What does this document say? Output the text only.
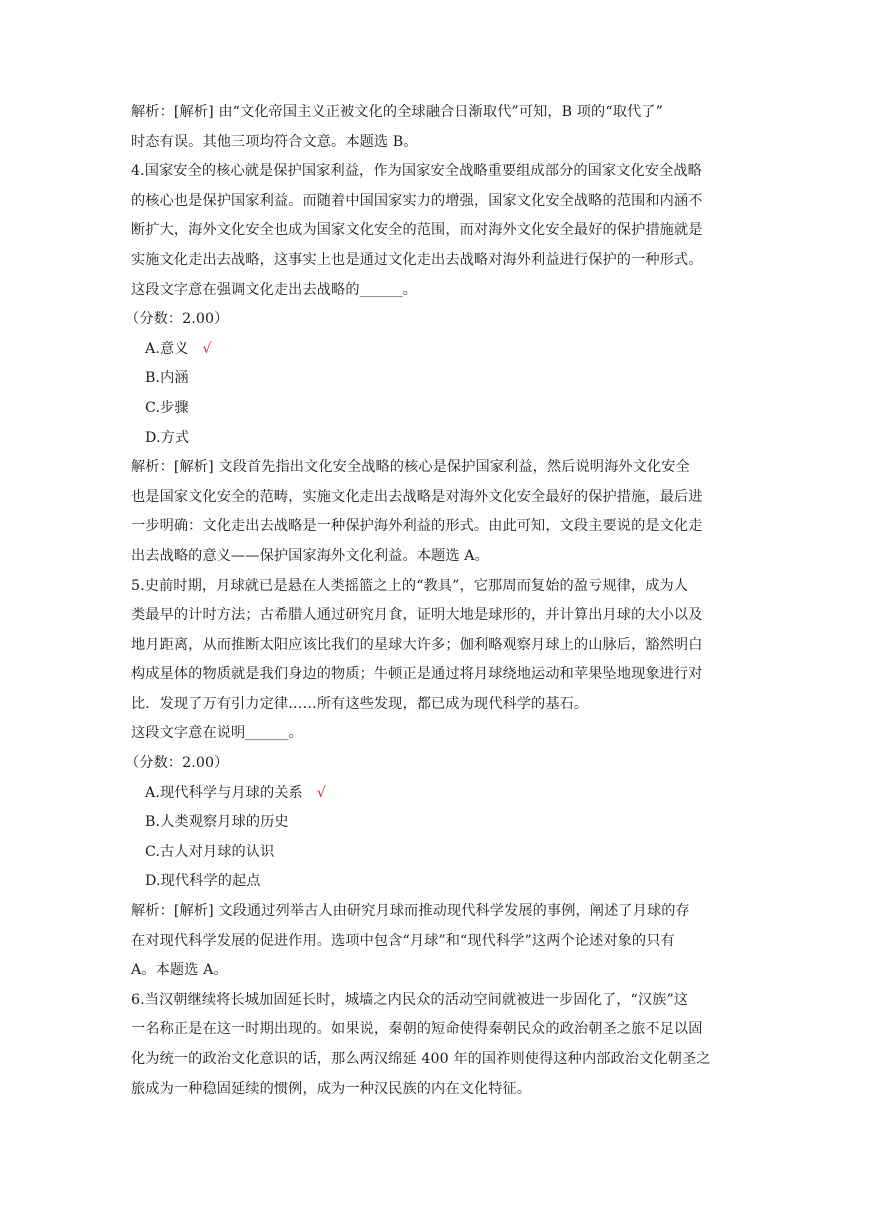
解析：[解析] 由“文化帝国主义正被文化的全球融合日渐取代”可知，B 项的“取代了”
时态有误。其他三项均符合文意。本题选 B。
4.国家安全的核心就是保护国家利益，作为国家安全战略重要组成部分的国家文化安全战略
的核心也是保护国家利益。而随着中国国家实力的增强，国家文化安全战略的范围和内涵不
断扩大，海外文化安全也成为国家文化安全的范围，而对海外文化安全最好的保护措施就是
实施文化走出去战略，这事实上也是通过文化走出去战略对海外利益进行保护的一种形式。
这段文字意在强调文化走出去战略的______。
（分数：2.00）
A.意义 √
B.内涵
C.步骤
D.方式
解析：[解析] 文段首先指出文化安全战略的核心是保护国家利益，然后说明海外文化安全
也是国家文化安全的范畴，实施文化走出去战略是对海外文化安全最好的保护措施，最后进
一步明确：文化走出去战略是一种保护海外利益的形式。由此可知，文段主要说的是文化走
出去战略的意义——保护国家海外文化利益。本题选 A。
5.史前时期，月球就已是悬在人类摇篮之上的“教具”，它那周而复始的盈亏规律，成为人
类最早的计时方法；古希腊人通过研究月食，证明大地是球形的，并计算出月球的大小以及
地月距离，从而推断太阳应该比我们的星球大许多；伽利略观察月球上的山脉后，豁然明白
构成星体的物质就是我们身边的物质；牛顿正是通过将月球绕地运动和苹果坠地现象进行对
比．发现了万有引力定律……所有这些发现，都已成为现代科学的基石。
这段文字意在说明______。
（分数：2.00）
A.现代科学与月球的关系 √
B.人类观察月球的历史
C.古人对月球的认识
D.现代科学的起点
解析：[解析] 文段通过列举古人由研究月球而推动现代科学发展的事例，阐述了月球的存
在对现代科学发展的促进作用。选项中包含“月球”和“现代科学”这两个论述对象的只有
A。本题选 A。
6.当汉朝继续将长城加固延长时，城墙之内民众的活动空间就被进一步固化了，“汉族”这
一名称正是在这一时期出现的。如果说，秦朝的短命使得秦朝民众的政治朝圣之旅不足以固
化为统一的政治文化意识的话，那么两汉绵延 400 年的国祚则使得这种内部政治文化朝圣之
旅成为一种稳固延续的惯例，成为一种汉民族的内在文化特征。
